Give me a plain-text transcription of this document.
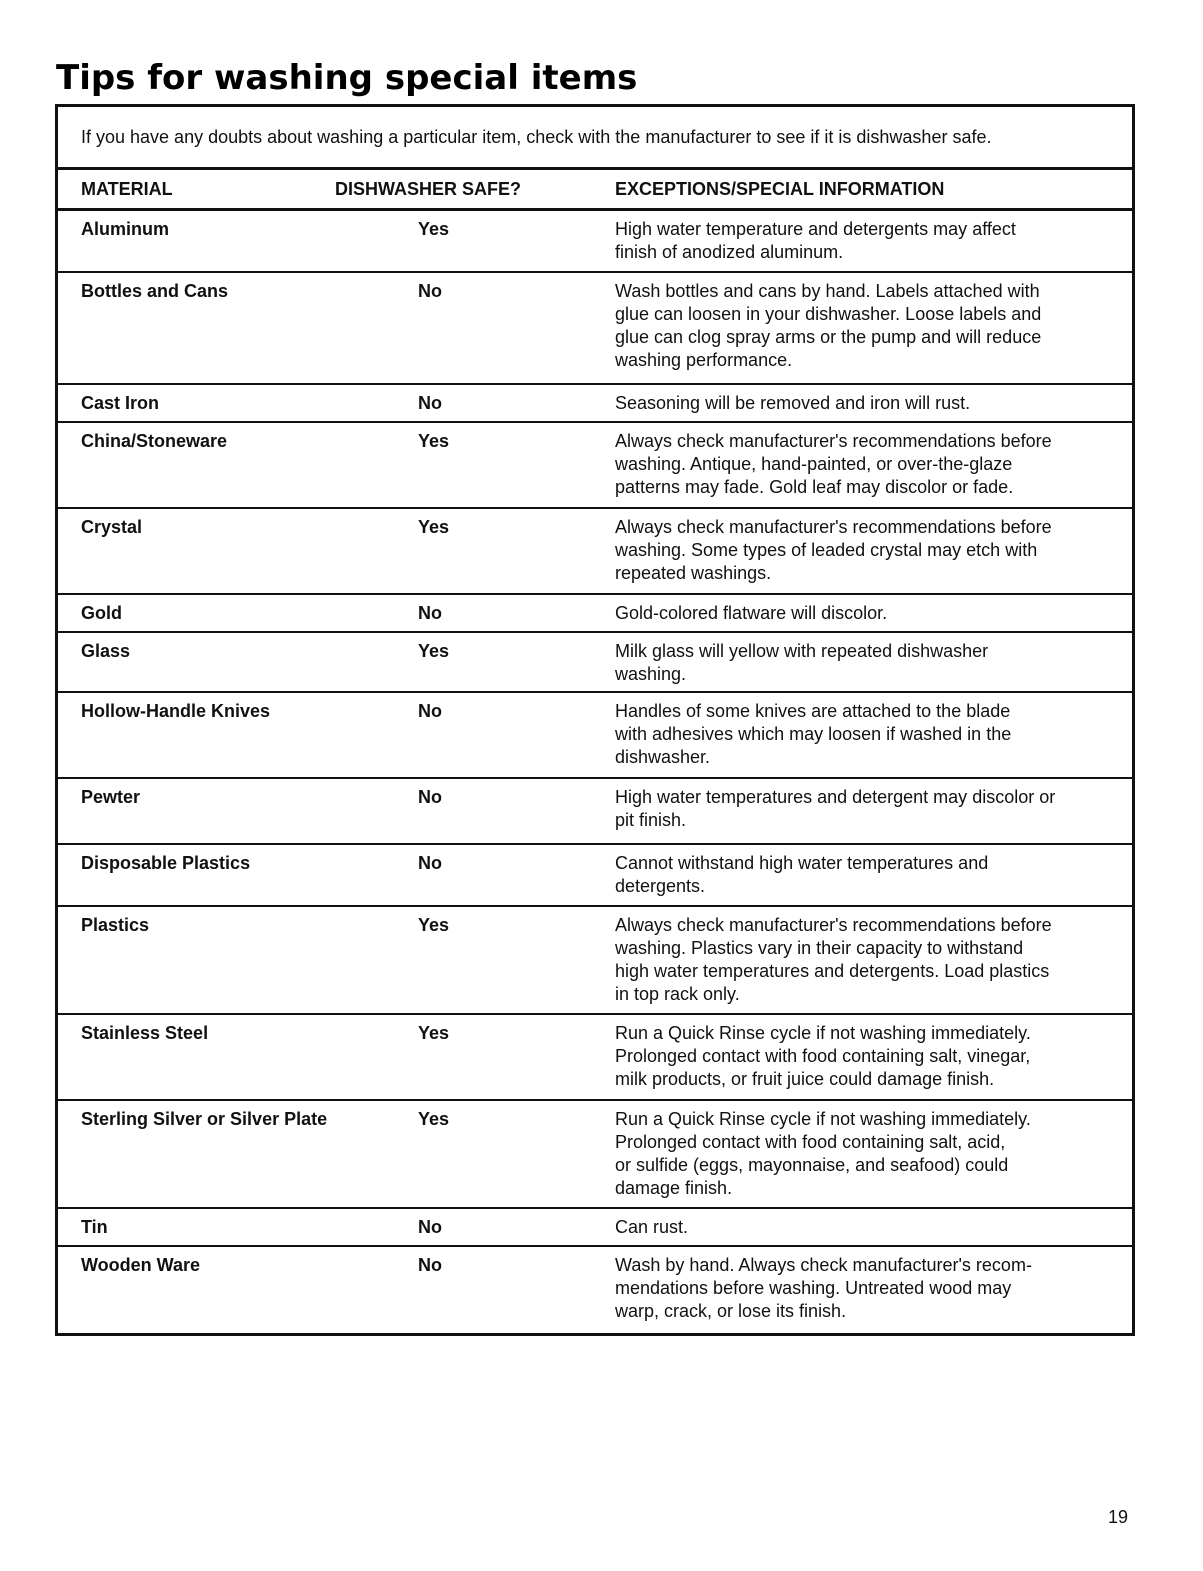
Tips for washing special items
If you have any doubts about washing a particular item, check with the manufacturer to see if it is dishwasher safe.
MATERIAL	DISHWASHER SAFE?	EXCEPTIONS/SPECIAL INFORMATION
Aluminum	Yes	High water temperature and detergents may affect
finish of anodized aluminum.
Bottles and Cans	No	Wash bottles and cans by hand. Labels attached with
glue can loosen in your dishwasher. Loose labels and
glue can clog spray arms or the pump and will reduce
washing performance.
Cast Iron	No	Seasoning will be removed and iron will rust.
China/Stoneware	Yes	Always check manufacturer's recommendations before
washing. Antique, hand-painted, or over-the-glaze
patterns may fade. Gold leaf may discolor or fade.
Crystal	Yes	Always check manufacturer's recommendations before
washing. Some types of leaded crystal may etch with
repeated washings.
Gold	No	Gold-colored flatware will discolor.
Glass	Yes	Milk glass will yellow with repeated dishwasher
washing.
Hollow-Handle Knives	No	Handles of some knives are attached to the blade
with adhesives which may loosen if washed in the
dishwasher.
Pewter	No	High water temperatures and detergent may discolor or
pit finish.
Disposable Plastics	No	Cannot withstand high water temperatures and
detergents.
Plastics	Yes	Always check manufacturer's recommendations before
washing. Plastics vary in their capacity to withstand
high water temperatures and detergents. Load plastics
in top rack only.
Stainless Steel	Yes	Run a Quick Rinse cycle if not washing immediately.
Prolonged contact with food containing salt, vinegar,
milk products, or fruit juice could damage finish.
Sterling Silver or Silver Plate	Yes	Run a Quick Rinse cycle if not washing immediately.
Prolonged contact with food containing salt, acid,
or sulfide (eggs, mayonnaise, and seafood) could
damage finish.
Tin	No	Can rust.
Wooden Ware	No	Wash by hand. Always check manufacturer's recom-
mendations before washing. Untreated wood may
warp, crack, or lose its finish.
19
